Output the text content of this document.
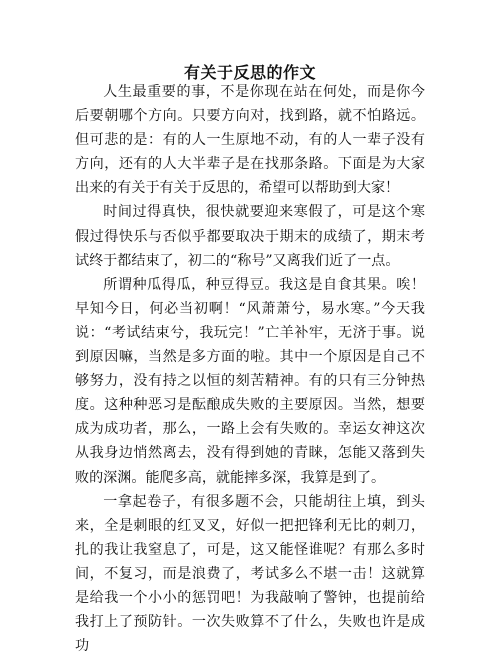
有关于反思的作文

人生最重要的事，不是你现在站在何处，而是你今后要朝哪个方向。只要方向对，找到路，就不怕路远。但可悲的是：有的人一生原地不动，有的人一辈子没有方向，还有的人大半辈子是在找那条路。下面是为大家出来的有关于有关于反思的，希望可以帮助到大家！

时间过得真快，很快就要迎来寒假了，可是这个寒假过得快乐与否似乎都要取决于期末的成绩了，期末考试终于都结束了，初二的“称号”又离我们近了一点。

所谓种瓜得瓜，种豆得豆。我这是自食其果。唉！早知今日，何必当初啊！“风萧萧兮，易水寒。”今天我说：“考试结束兮，我玩完！”亡羊补牢，无济于事。说到原因嘛，当然是多方面的啦。其中一个原因是自己不够努力，没有持之以恒的刻苦精神。有的只有三分钟热度。这种种恶习是酝酿成失败的主要原因。当然，想要成为成功者，那么，一路上会有失败的。幸运女神这次从我身边悄然离去，没有得到她的青睐，怎能又落到失败的深渊。能爬多高，就能摔多深，我算是到了。

一拿起卷子，有很多题不会，只能胡往上填，到头来，全是刺眼的红叉叉，好似一把把锋利无比的刺刀，扎的我让我窒息了，可是，这又能怪谁呢？有那么多时间，不复习，而是浪费了，考试多么不堪一击！这就算是给我一个小小的惩罚吧！为我敲响了警钟，也提前给我打上了预防针。一次失败算不了什么，失败也许是成功
